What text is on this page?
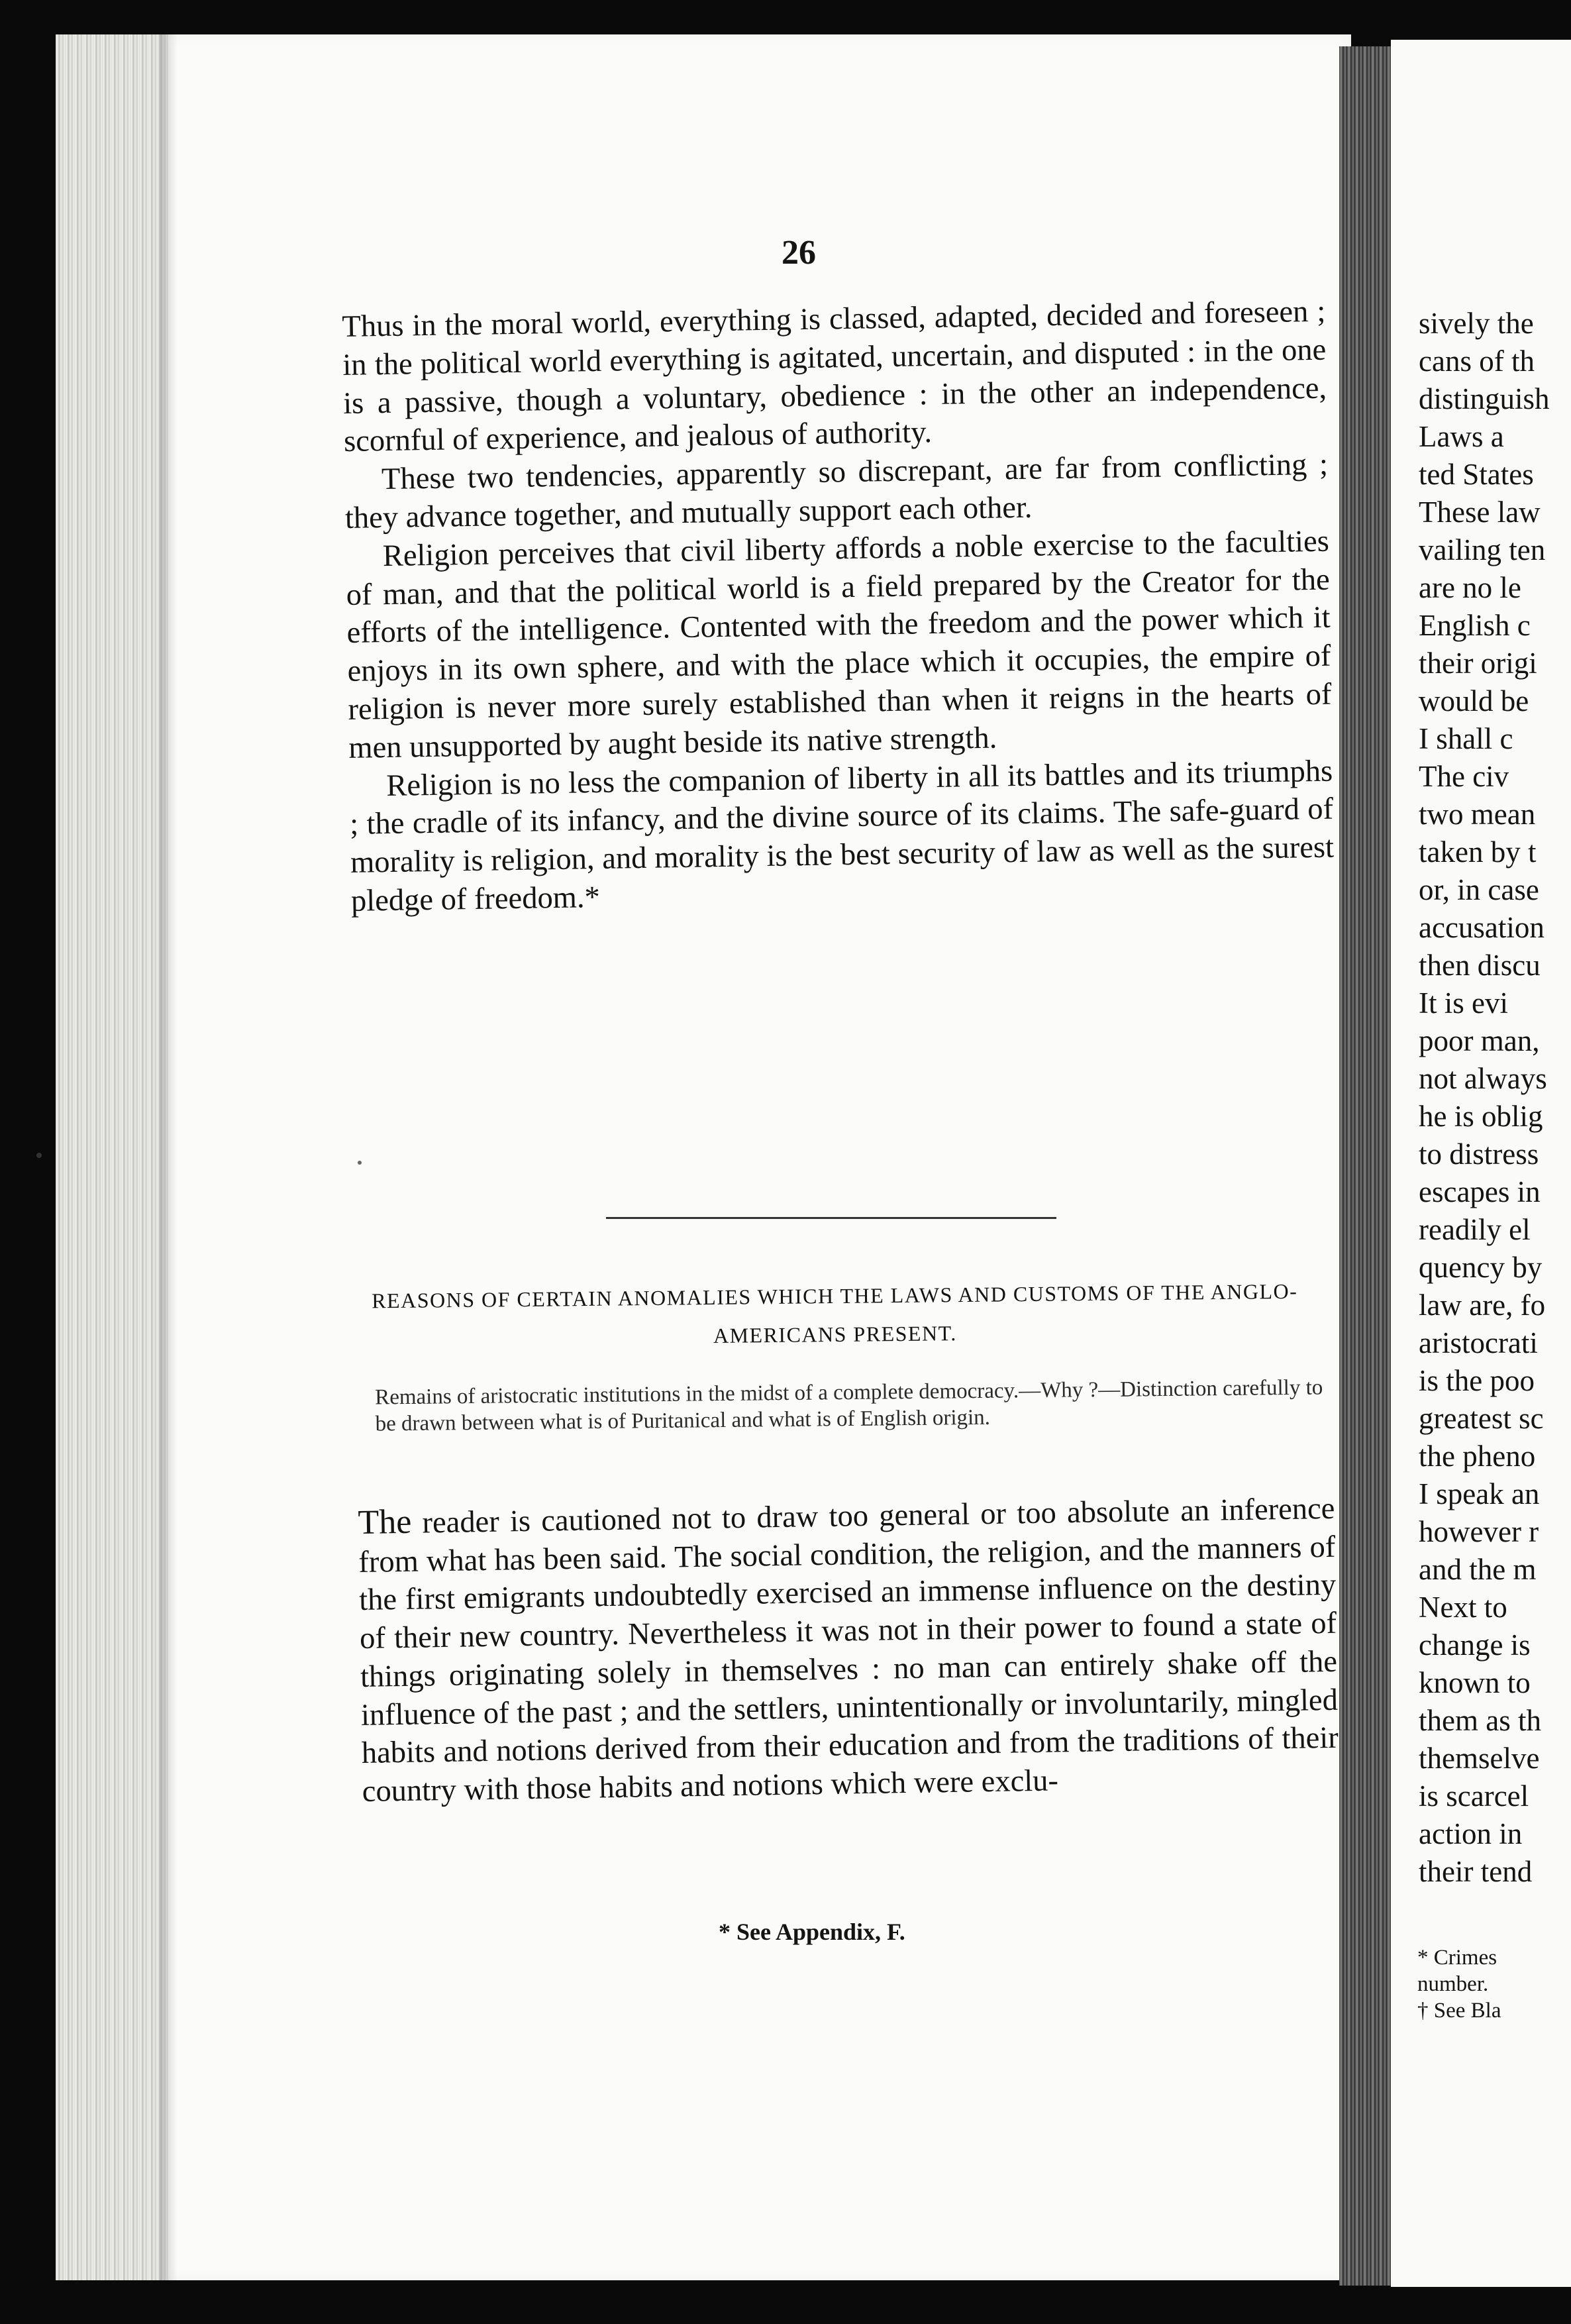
26

Thus in the moral world, everything is classed, adapted, decided and foreseen ; in the political world everything is agitated, uncertain, and disputed : in the one is a passive, though a voluntary, obedience : in the other an independence, scornful of experience, and jealous of authority.

These two tendencies, apparently so discrepant, are far from conflicting ; they advance together, and mutually support each other.

Religion perceives that civil liberty affords a noble exercise to the faculties of man, and that the political world is a field prepared by the Creator for the efforts of the intelligence. Contented with the freedom and the power which it enjoys in its own sphere, and with the place which it occupies, the empire of religion is never more surely established than when it reigns in the hearts of men unsupported by aught beside its native strength.

Religion is no less the companion of liberty in all its battles and its triumphs ; the cradle of its infancy, and the divine source of its claims. The safe-guard of morality is religion, and morality is the best security of law as well as the surest pledge of freedom.*

REASONS OF CERTAIN ANOMALIES WHICH THE LAWS AND CUSTOMS OF THE ANGLO-AMERICANS PRESENT.

Remains of aristocratic institutions in the midst of a complete democracy.—Why ?—Distinction carefully to be drawn between what is of Puritanical and what is of English origin.

The reader is cautioned not to draw too general or too absolute an inference from what has been said. The social condition, the religion, and the manners of the first emigrants undoubtedly exercised an immense influence on the destiny of their new country. Nevertheless it was not in their power to found a state of things originating solely in themselves : no man can entirely shake off the influence of the past ; and the settlers, unintentionally or involuntarily, mingled habits and notions derived from their education and from the traditions of their country with those habits and notions which were exclu-

* See Appendix, F.

sively the
cans of th
distinguish
Laws a
ted States
These law
vailing ten
are no le
English c
their origi
would be
I shall c
The civ
two mean
taken by t
or, in case
accusation
then discu
It is evi
poor man,
not always
he is oblig
to distress
escapes in
readily el
quency by
law are, fo
aristocrati
is the poo
greatest sc
the pheno
I speak an
however r
and the m
Next to
change is
known to
them as th
themselve
is scarcel
action in
their tend
* Crimes
number.
† See Bla
